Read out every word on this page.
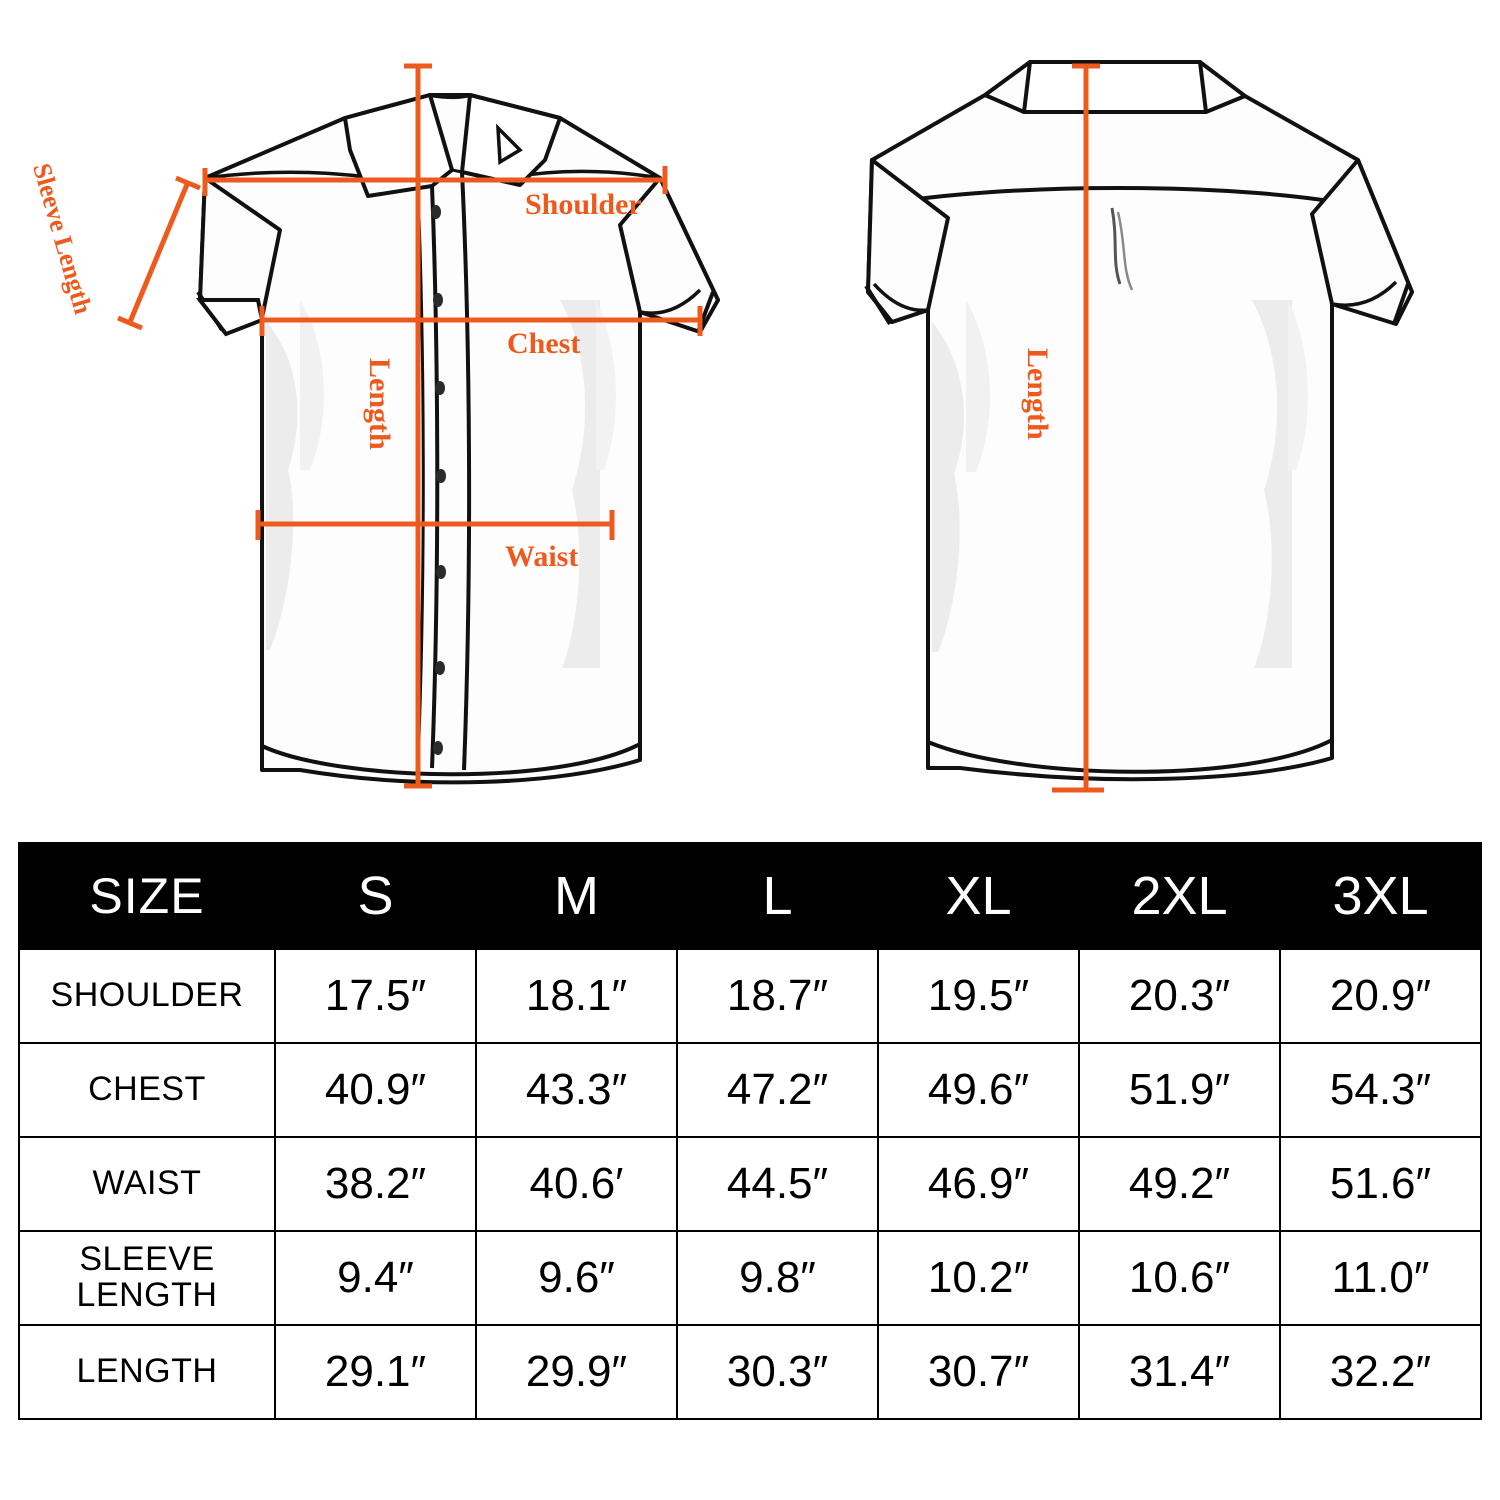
Shoulder
Chest
Waist
Length	Length
Sleeve Length
SIZE	S	M	L	XL	2XL	3XL
SHOULDER	17.5″	18.1″	18.7″	19.5″	20.3″	20.9″
CHEST	40.9″	43.3″	47.2″	49.6″	51.9″	54.3″
WAIST	38.2″	40.6′	44.5″	46.9″	49.2″	51.6″
SLEEVE LENGTH	9.4″	9.6″	9.8″	10.2″	10.6″	11.0″
LENGTH	29.1″	29.9″	30.3″	30.7″	31.4″	32.2″
